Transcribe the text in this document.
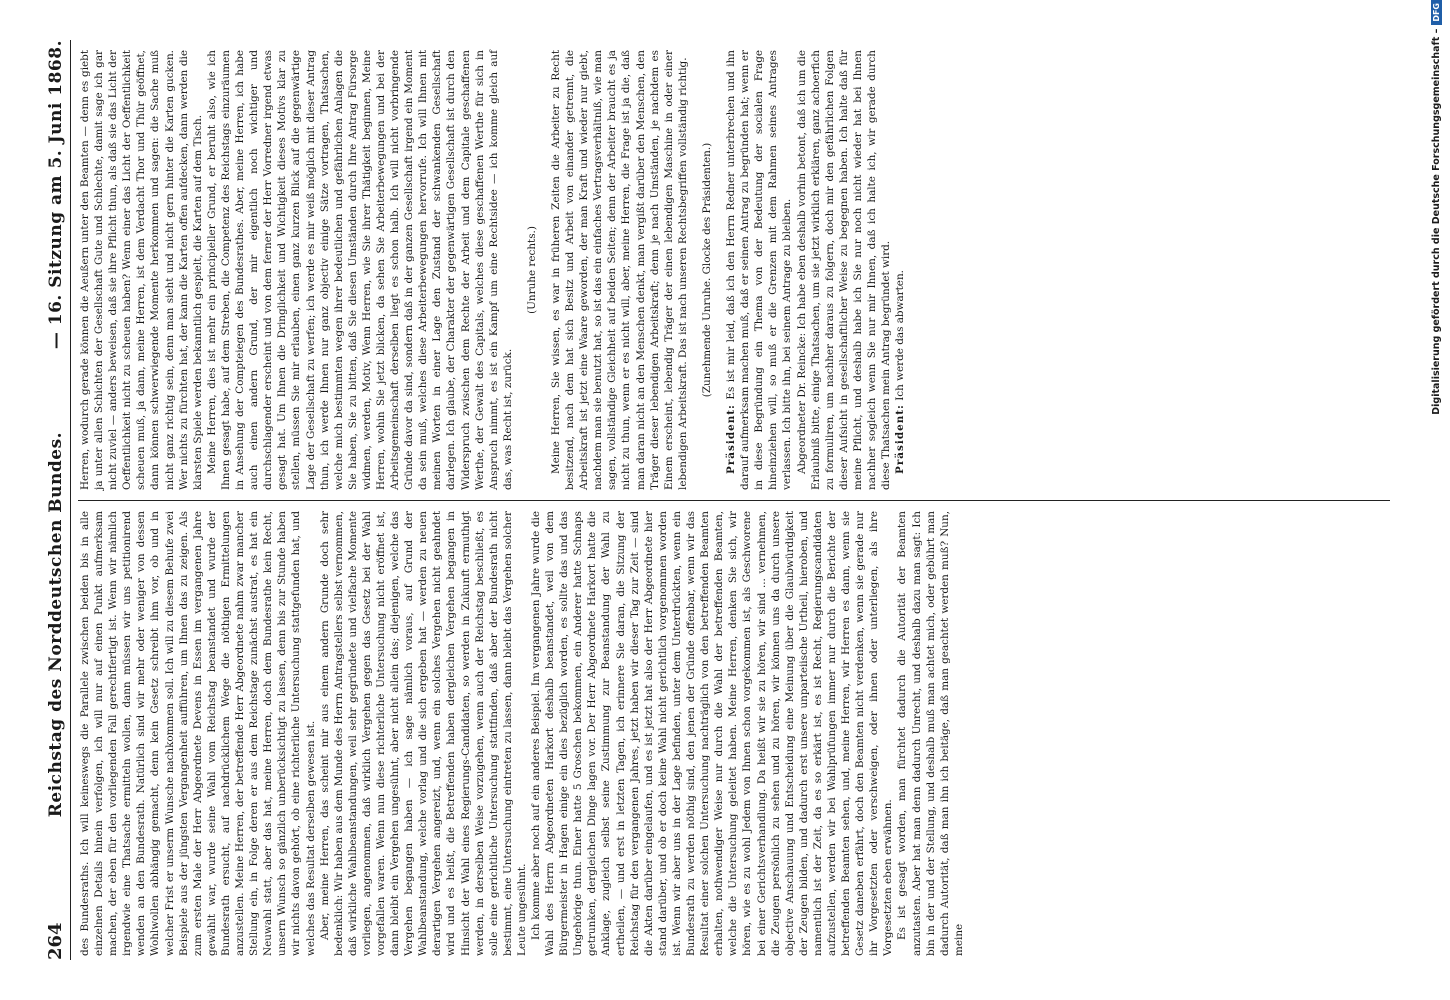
264
Reichstag des Norddeutschen Bundes.
— 16. Sitzung am 5. Juni 1868.

des Bundesraths. Ich will keineswegs die Parallele zwischen beiden bis in alle einzelnen Details hinein verfolgen, ich will nur auf einen Punkt aufmerksam machen, der eben für den vorliegenden Fall gerechtfertigt ist. Wenn wir nämlich irgendwie eine Thatsache ermitteln wollen, dann müssen wir uns petitionirend wenden an den Bundesrath. Natürlich sind wir mehr oder weniger von dessen Wohlwollen abhängig gemacht, denn kein Gesetz schreibt ihm vor, ob und in welcher Frist er unserm Wunsche nachkommen soll. Ich will zu diesem Behufe zwei Beispiele aus der jüngsten Vergangenheit aufführen, um Ihnen das zu zeigen. Als zum ersten Male der Herr Abgeordnete Devens in Essen im vergangenen Jahre gewählt war, wurde seine Wahl vom Reichstag beanstandet und wurde der Bundesrath ersucht, auf nachdrücklichem Wege die nöthigen Ermittelungen anzustellen. Meine Herren, der betreffende Herr Abgeordnete nahm zwar mancher Stellung ein, in Folge deren er aus dem Reichstage zunächst austrat, es hat ein Neuwahl statt, aber das hat, meine Herren, doch dem Bundesrathe kein Recht, unsern Wunsch so gänzlich unberücksichtigt zu lassen, denn bis zur Stunde haben wir nichts davon gehört, ob eine richterliche Untersuchung stattgefunden hat, und welches das Resultat derselben gewesen ist. Aber, meine Herren, das scheint mir aus einem andern Grunde doch sehr bedenklich: Wir haben aus dem Munde des Herrn Antragstellers selbst vernommen, daß wirkliche Wahlbeanstandungen, weil sehr gegründete und vielfache Momente vorliegen, angenommen, daß wirklich Vergehen gegen das Gesetz bei der Wahl vorgefallen waren. Wenn nun diese richterliche Untersuchung nicht eröffnet ist, dann bleibt ein Vergehen ungesühnt, aber nicht allein das; diejenigen, welche das Vergehen begangen haben — ich sage nämlich voraus, auf Grund der Wahlbeanstandung, welche vorlag und die sich ergeben hat — werden zu neuen derartigen Vergehen angereizt, und, wenn ein solches Vergehen nicht geahndet wird und es heißt, die Betreffenden haben dergleichen Vergehen begangen in Hinsicht der Wahl eines Regierungs-Candidaten, so werden in Zukunft ermuthigt werden, in derselben Weise vorzugehen, wenn auch der Reichstag beschließt, es solle eine gerichtliche Untersuchung stattfinden, daß aber der Bundesrath nicht bestimmt, eine Untersuchung eintreten zu lassen, dann bleibt das Vergehen solcher Leute ungesühnt. Ich komme aber noch auf ein anderes Beispiel. Im vergangenen Jahre wurde die Wahl des Herrn Abgeordneten Harkort deshalb beanstandet, weil von dem Bürgermeister in Hagen einige ein dies bezüglich worden, es sollte das und das Ungehörige thun. Einer hatte 5 Groschen bekommen, ein Anderer hatte Schnaps getrunken, dergleichen Dinge lagen vor. Der Herr Abgeordnete Harkort hatte die Anklage, zugleich selbst seine Zustimmung zur Beanstandung der Wahl zu ertheilen, — und erst in letzten Tagen, ich erinnere Sie daran, die Sitzung der Reichstag für den vergangenen Jahres, jetzt haben wir dieser Tag zur Zeit — sind die Akten darüber eingelaufen, und es ist jetzt hat also der Herr Abgeordnete hier stand darüber, und ob er doch keine Wahl nicht gerichtlich vorgenommen worden ist. Wenn wir aber uns in der Lage befinden, unter dem Unterdrückten, wenn ein Bundesrath zu werden nöthig sind, den jenen der Gründe offenbar, wenn wir das Resultat einer solchen Untersuchung nachträglich von den betreffenden Beamten erhalten, nothwendiger Weise nur durch die Wahl der betreffenden Beamten, welche die Untersuchung geleitet haben. Meine Herren, denken Sie sich, wir hören, wie es zu wohl Jedem von Ihnen schon vorgekommen ist, als Geschworene bei einer Gerichtsverhandlung. Da heißt wir sie zu hören, wir sind ... vernehmen, die Zeugen persönlich zu sehen und zu hören, wir können uns da durch unsere objective Anschauung und Entscheidung eine Meinung über die Glaubwürdigkeit der Zeugen bilden, und dadurch erst unsere unparteiische Urtheil, hieroben, und namentlich ist der Zeit, da es so erkärt ist, es ist Recht, Regierungscandidaten aufzustellen, werden wir bei Wahlprüfungen immer nur durch die Berichte der betreffenden Beamten sehen, und, meine Herren, wir Herren es dann, wenn sie Gesetz daneben erfährt, doch den Beamten nicht verdenken, wenn sie gerade nur ihr Vorgesetzten oder verschweigen, oder ihnen oder unterliegen, als ihre Vorgesetzten eben erwähnen. Es ist gesagt worden, man fürchtet dadurch die Autorität der Beamten anzutasten. Aber hat man denn dadurch Unrecht, und deshalb dazu man sagt: Ich bin in der und der Stellung, und deshalb muß man achtet mich, oder gebührt man dadurch Autorität, daß man ihn ich beitäge, daß man geachtet werden muß? Nun, meine

Herren, wodurch gerade können die Aeußern unter den Beamten — denn es giebt ja unter allen Schichten der Gesellschaft Gute und Schlechte, damit sage ich gar nicht zuviel — anders beweisen, daß sie ihre Pflicht thun, als daß sie das Licht der Oeffentlichkeit nicht zu scheuen haben? Wenn einer das Licht der Oeffentlichkeit scheuen muß, ja dann, meine Herren, ist dem Verdacht Thor und Thür geöffnet, dann können schwerwiegende Momente herkommen und sagen: die Sache muß nicht ganz richtig sein, denn man sieht und nicht gern hinter die Karten gucken. Wer nichts zu fürchten hat, der kann die Karten offen aufdecken, dann werden die klarsten Spiele werden bekanntlich gespielt, die Karten auf dem Tisch. Meine Herren, dies ist mehr ein principieller Grund, er beruht also, wie ich Ihnen gesagt habe, auf dem Streben, die Competenz des Reichstags einzuräumen in Ansehung der Compteiegen des Bundesrathes. Aber, meine Herren, ich habe auch einen andern Grund, der mir eigentlich noch wichtiger und durchschlagender erscheint und von dem ferner der Herr Vorredner irgend etwas gesagt hat. Um Ihnen die Dringlichkeit und Wichtigkeit dieses Motivs klar zu stellen, müssen Sie mir erlauben, einen ganz kurzen Blick auf die gegenwärtige Lage der Gesellschaft zu werfen; ich werde es mir weiß möglich mit dieser Antrag thun, ich werde Ihnen nur ganz objectiv einige Sätze vortragen, Thatsachen, welche mich bestimmten wegen ihrer bedeutlichen und gefährlichen Anlagen die Sie haben, Sie zu bitten, daß Sie diesen Umständen durch Ihre Antrag Fürsorge widmen, werden, Motiv, Wenn Herren, wie Sie ihrer Thätigkeit beginnen, Meine Herren, wohin Sie jetzt blicken, da sehen Sie Arbeiterbewegungen und bei der Arbeitsgemeinschaft derselben liegt es schon halb. Ich will nicht vorbringende Gründe davor da sind, sondern daß in der ganzen Gesellschaft irgend ein Moment da sein muß, welches diese Arbeiterbewegungen hervorrufe. Ich will Ihnen mit meinen Worten in einer Lage den Zustand der schwankenden Gesellschaft darlegen. Ich glaube, der Charakter der gegenwärtigen Gesellschaft ist durch den Widerspruch zwischen dem Rechte der Arbeit und dem Capitale geschaffenen Werthe, der Gewalt des Capitals, welches diese geschaffenen Werthe für sich in Anspruch nimmt, es ist ein Kampf um eine Rechtsidee — ich komme gleich auf das, was Recht ist, zurück.

(Unruhe rechts.) Meine Herren, Sie wissen, es war in früheren Zeiten die Arbeiter zu Recht besitzend, nach dem hat sich Besitz und Arbeit von einander getrennt, die Arbeitskraft ist jetzt eine Waare geworden, der man Kraft und wieder nur giebt, nachdem man sie benutzt hat, so ist das ein einfaches Vertragsverhältniß, wie man sagen, vollständige Gleichheit auf beiden Seiten; denn der Arbeiter braucht es ja nicht zu thun, wenn er es nicht will, aber, meine Herren, die Frage ist ja die, daß man daran nicht an den Menschen denkt, man vergißt darüber den Menschen, den Träger dieser lebendigen Arbeitskraft; denn je nach Umständen, je nachdem es Einem erscheint, lebendig Träger der einen lebendigen Maschine in oder einer lebendigen Arbeitskraft. Das ist nach unseren Rechtsbegriffen vollständig richtig. (Zunehmende Unruhe. Glocke des Präsidenten.)

Präsident: Es ist mir leid, daß ich den Herrn Redner unterbrechen und ihn darauf aufmerksam machen muß, daß er seinen Antrag zu begründen hat; wenn er in diese Begründung ein Thema von der Bedeutung der socialen Frage hineinziehen will, so muß er die Grenzen mit dem Rahmen seines Antrages verlassen. Ich bitte ihn, bei seinem Antrage zu bleiben. Abgeordneter Dr. Reincke: Ich habe eben deshalb vorhin betont, daß ich um die Erlaubniß bitte, einige Thatsachen, um sie jetzt wirklich erklären, ganz achoerfich zu formuliren, um nachher daraus zu folgern, doch mir den gefährlichen Folgen dieser Aufsicht in gesellschaftlicher Weise zu begegnen haben. Ich halte daß für meine Pflicht, und deshalb habe ich Sie nur noch nicht wieder hat bei Ihnen nachher sogleich wenn Sie nur mir Ihnen, daß ich halte ich, wir gerade durch diese Thatsachen mein Antrag begründet wird. Präsident: Ich werde das abwarten.	Digitalisierung gefördert durch die Deutsche Forschungsgemeinschaft –
DFG
